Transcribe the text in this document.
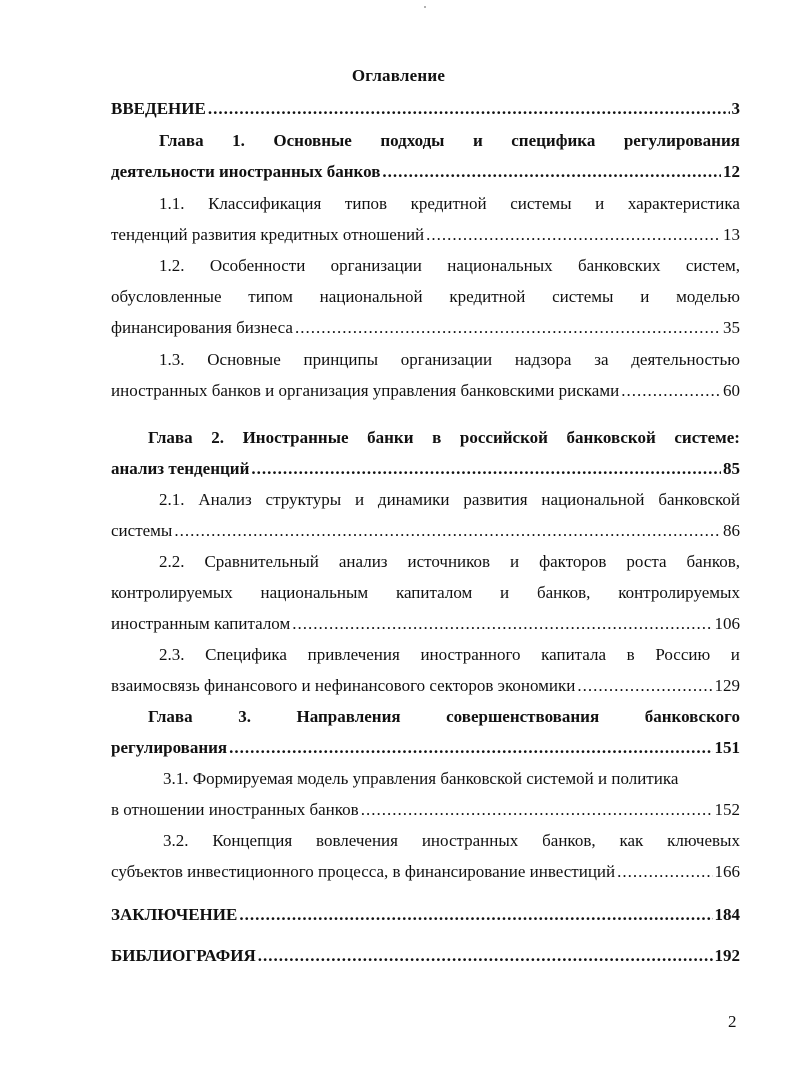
Оглавление
ВВЕДЕНИЕ .....	3
Глава 1. Основные подходы и специфика регулирования
деятельности иностранных банков .....	12
1.1. Классификация типов кредитной системы и характеристика
тенденций развития кредитных отношений .....	13
1.2. Особенности организации национальных банковских систем,
обусловленные типом национальной кредитной системы и моделью
финансирования бизнеса .....	35
1.3. Основные принципы организации надзора за деятельностью
иностранных банков и организация управления банковскими рисками .....	60
Глава 2. Иностранные банки в российской банковской системе:
анализ тенденций .....	85
2.1. Анализ структуры и динамики развития национальной банковской
системы .....	86
2.2. Сравнительный анализ источников и факторов роста банков,
контролируемых национальным капиталом и банков, контролируемых
иностранным капиталом .....	106
2.3. Специфика привлечения иностранного капитала в Россию и
взаимосвязь финансового и нефинансового секторов экономики .....	129
Глава	3.	Направления	совершенствования	банковского
регулирования .....	151
3.1. Формируемая модель управления банковской системой и политика
в отношении иностранных банков .....	152
3.2. Концепция вовлечения иностранных банков, как ключевых
субъектов инвестиционного процесса, в финансирование инвестиций .....	166
ЗАКЛЮЧЕНИЕ .....	184
БИБЛИОГРАФИЯ .....	192
2
